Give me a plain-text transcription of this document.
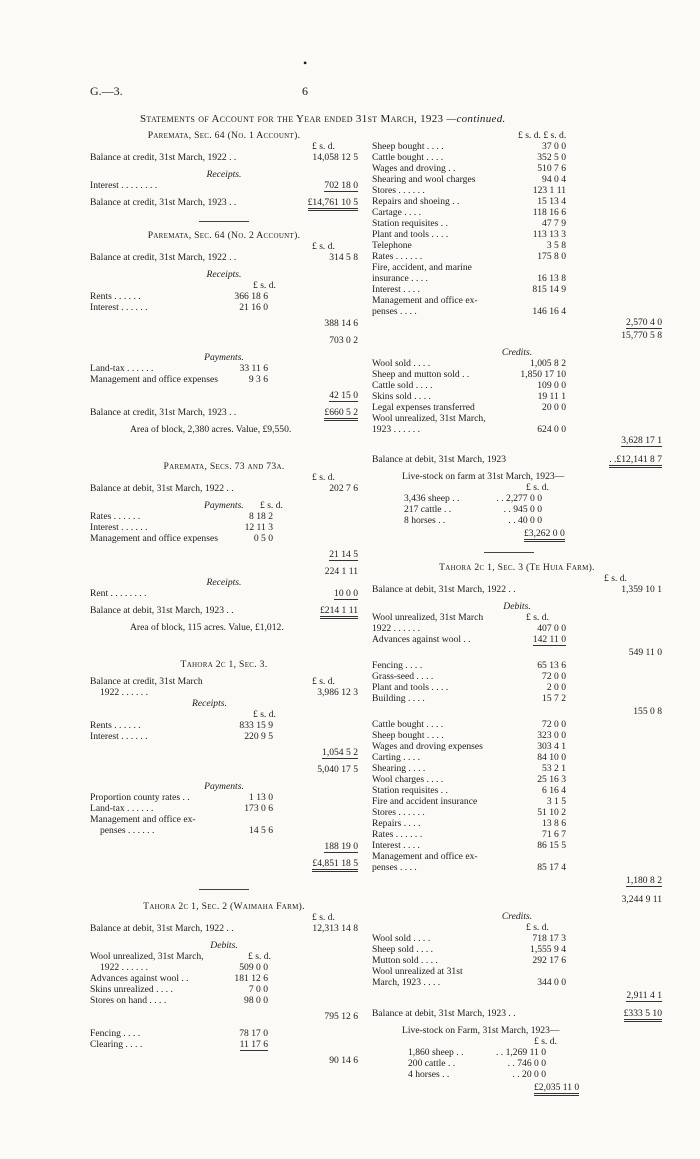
•
G.—3.	6
Statements of Account for the Year ended 31st March, 1923 —continued.
Paremata, Sec. 64 (No. 1 Account).
£ s. d.
Balance at credit, 31st March, 1922 . .	14,058 12 5
Receipts.
Interest . . . . . . . .	702 18 0
Balance at credit, 31st March, 1923 . .	£14,761 10 5
Paremata, Sec. 64 (No. 2 Account).
£ s. d.
Balance at credit, 31st March, 1922 . .	314 5 8
Receipts.
£ s. d.
Rents . . . . . .	366 18 6
Interest . . . . . .	21 16 0
388 14 6
703 0 2
Payments.
Land-tax . . . . . .	33 11 6
Management and office expenses	9 3 6
42 15 0
Balance at credit, 31st March, 1923 . .	£660 5 2
Area of block, 2,380 acres. Value, £9,550.
Paremata, Secs. 73 and 73a.
£ s. d.
Balance at debit, 31st March, 1922 . .	202 7 6
Payments. £ s. d.
Rates . . . . . .	8 18 2
Interest . . . . . .	12 11 3
Management and office expenses	0 5 0
21 14 5
224 1 11
Receipts.
Rent . . . . . . . .	10 0 0
Balance at debit, 31st March, 1923 . .	£214 1 11
Area of block, 115 acres. Value, £1,012.
Tahora 2c 1, Sec. 3.
Balance at credit, 31st March	£ s. d.
1922 . . . . . .	3,986 12 3
Receipts.
£ s. d.
Rents . . . . . .	833 15 9
Interest . . . . . .	220 9 5
1,054 5 2
5,040 17 5
Payments.
Proportion county rates . .	1 13 0
Land-tax . . . . . .	173 0 6
Management and office ex-
penses . . . . . .	14 5 6
188 19 0
£4,851 18 5
Tahora 2c 1, Sec. 2 (Waimaha Farm).
£ s. d.
Balance at debit, 31st March, 1922 . .	12,313 14 8
Debits.
Wool unrealized, 31st March,	£ s. d.
1922 . . . . . .	509 0 0
Advances against wool . .	181 12 6
Skins unrealized . . . .	7 0 0
Stores on hand . . . .	98 0 0
795 12 6
Fencing . . . .	78 17 0
Clearing . . . .	11 17 6
90 14 6
£ s. d. £ s. d.
Sheep bought . . . .	37 0 0
Cattle bought . . . .	352 5 0
Wages and droving . .	510 7 6
Shearing and wool charges	94 0 4
Stores . . . . . .	123 1 11
Repairs and shoeing . .	15 13 4
Cartage . . . .	118 16 6
Station requisites . .	47 7 9
Plant and tools . . . .	113 13 3
Telephone	3 5 8
Rates . . . . . .	175 8 0
Fire, accident, and marine
insurance . . . .	16 13 8
Interest . . . .	815 14 9
Management and office ex-
penses . . . .	146 16 4
2,570 4 0
15,770 5 8
Credits.
Wool sold . . . .	1,005 8 2
Sheep and mutton sold . .	1,850 17 10
Cattle sold . . . .	109 0 0
Skins sold . . . .	19 11 1
Legal expenses transferred	20 0 0
Wool unrealized, 31st March,
1923 . . . . . .	624 0 0
3,628 17 1
Balance at debit, 31st March, 1923	. .£12,141 8 7
Live-stock on farm at 31st March, 1923—
£ s. d.
3,436 sheep . .	. . 2,277 0 0
217 cattle . .	. . 945 0 0
8 horses . .	. . 40 0 0
£3,262 0 0
Tahora 2c 1, Sec. 3 (Te Huia Farm).
£ s. d.
Balance at debit, 31st March, 1922 . .	1,359 10 1
Debits.
Wool unrealized, 31st March	£ s. d.
1922 . . . . . .	407 0 0
Advances against wool . .	142 11 0
549 11 0
Fencing . . . .	65 13 6
Grass-seed . . . .	72 0 0
Plant and tools . . . .	2 0 0
Building . . . .	15 7 2
155 0 8
Cattle bought . . . .	72 0 0
Sheep bought . . . .	323 0 0
Wages and droving expenses	303 4 1
Carting . . . .	84 10 0
Shearing . . . .	53 2 1
Wool charges . . . .	25 16 3
Station requisites . .	6 16 4
Fire and accident insurance	3 1 5
Stores . . . . . .	51 10 2
Repairs . . . .	13 8 6
Rates . . . . . .	71 6 7
Interest . . . .	86 15 5
Management and office ex-
penses . . . .	85 17 4
1,180 8 2
3,244 9 11
Credits.
£ s. d.
Wool sold . . . .	718 17 3
Sheep sold . . . .	1,555 9 4
Mutton sold . . . .	292 17 6
Wool unrealized at 31st
March, 1923 . . . .	344 0 0
2,911 4 1
Balance at debit, 31st March, 1923 . .	£333 5 10
Live-stock on Farm, 31st March, 1923—
£ s. d.
1,860 sheep . .	. . 1,269 11 0
200 cattle . .	. . 746 0 0
4 horses . .	. . 20 0 0
£2,035 11 0
